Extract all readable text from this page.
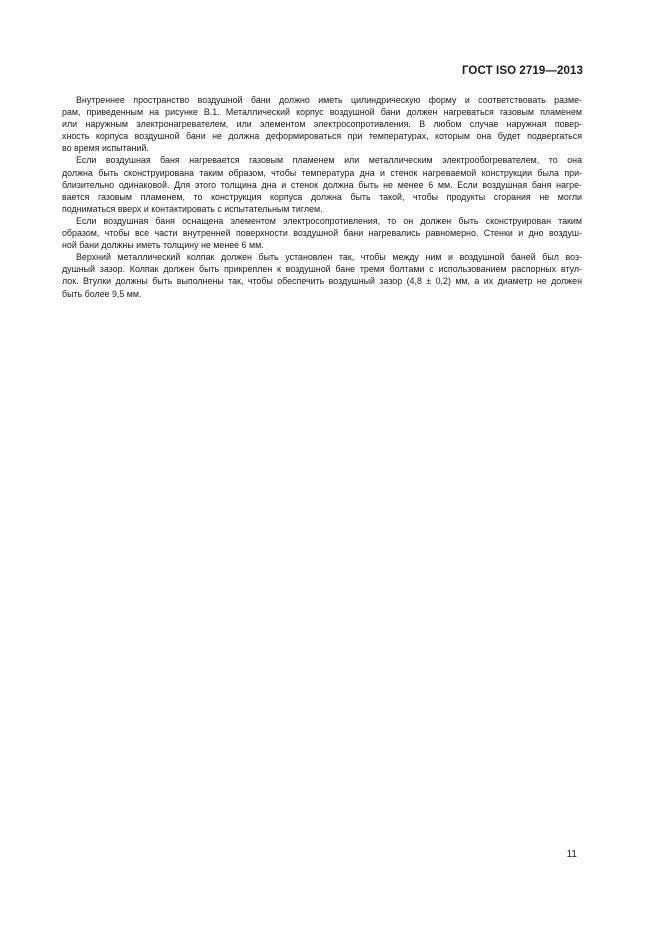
ГОСТ ISO 2719—2013
Внутреннее пространство воздушной бани должно иметь цилиндрическую форму и соответствовать разме-
рам, приведенным на рисунке В.1. Металлический корпус воздушной бани должен нагреваться газовым пламенем
или наружным электронагревателем, или элементом электросопротивления. В любом случае наружная повер-
хность корпуса воздушной бани не должна деформироваться при температурах, которым она будет подвергаться
во время испытаний.
Если воздушная баня нагревается газовым пламенем или металлическим электрообогревателем, то она
должна быть сконструирована таким образом, чтобы температура дна и стенок нагреваемой конструкции была при-
близительно одинаковой. Для этого толщина дна и стенок должна быть не менее 6 мм. Если воздушная баня нагре-
вается газовым пламенем, то конструкция корпуса должна быть такой, чтобы продукты сгорания не могли
подниматься вверх и контактировать с испытательным тиглем.
Если воздушная баня оснащена элементом электросопротивления, то он должен быть сконструирован таким
образом, чтобы все части внутренней поверхности воздушной бани нагревались равномерно. Стенки и дно воздуш-
ной бани должны иметь толщину не менее 6 мм.
Верхний металлический колпак должен быть установлен так, чтобы между ним и воздушной баней был воз-
душный зазор. Колпак должен быть прикреплен к воздушной бане тремя болтами с использованием распорных втул-
лок. Втулки должны быть выполнены так, чтобы обеспечить воздушный зазор (4,8 ± 0,2) мм, а их диаметр не должен
быть более 9,5 мм.
11
